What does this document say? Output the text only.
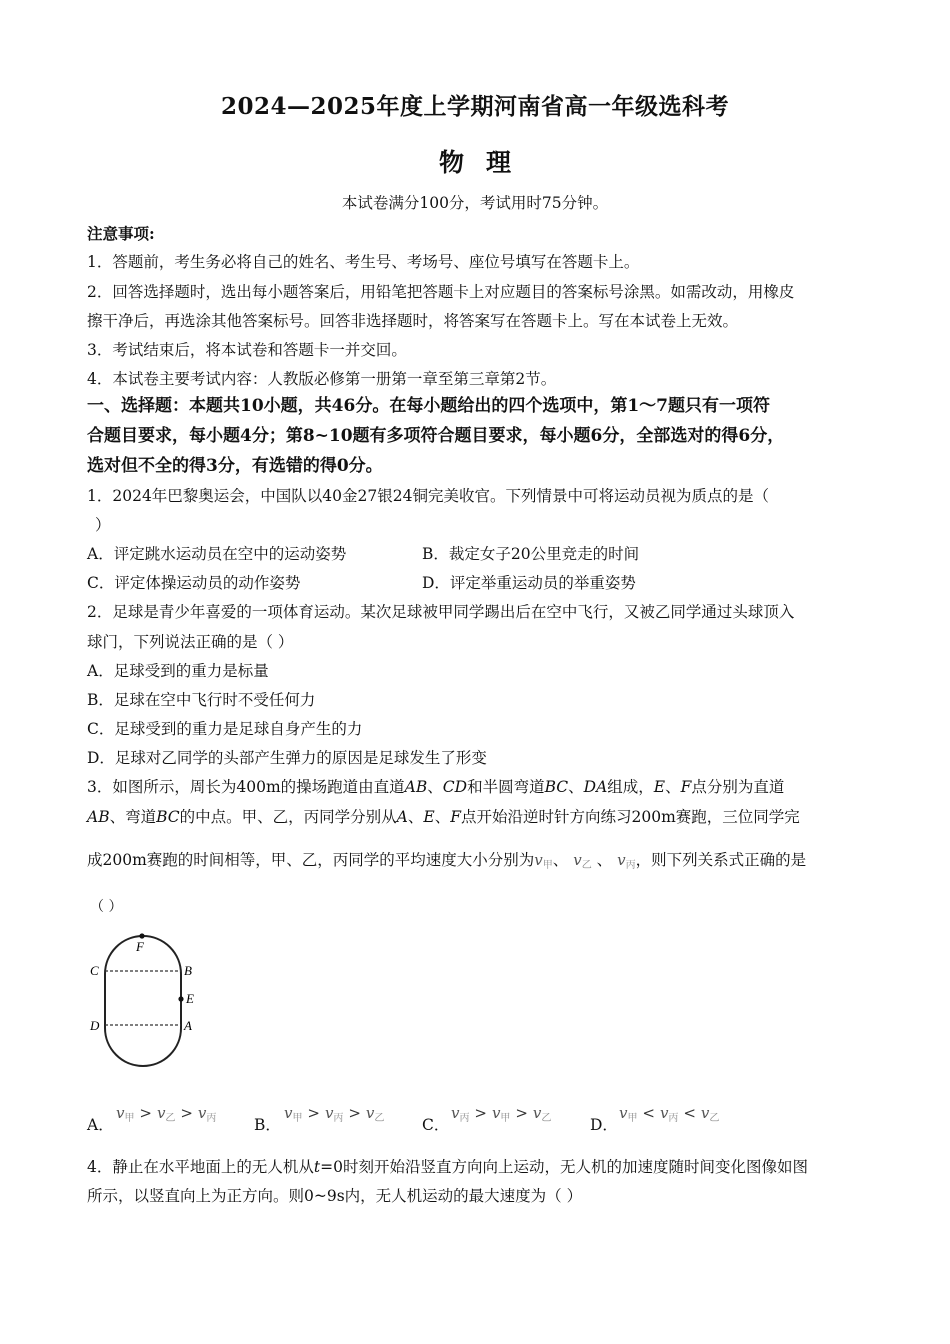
2024—2025年度上学期河南省高一年级选科考
物理
本试卷满分100分，考试用时75分钟。
注意事项:
1．答题前，考生务必将自己的姓名、考生号、考场号、座位号填写在答题卡上。
2．回答选择题时，选出每小题答案后，用铅笔把答题卡上对应题目的答案标号涂黑。如需改动，用橡皮
擦干净后，再选涂其他答案标号。回答非选择题时，将答案写在答题卡上。写在本试卷上无效。
3．考试结束后，将本试卷和答题卡一并交回。
4．本试卷主要考试内容：人教版必修第一册第一章至第三章第2节。
一、选择题：本题共10小题，共46分。在每小题给出的四个选项中，第1～7题只有一项符
合题目要求，每小题4分；第8~10题有多项符合题目要求，每小题6分，全部选对的得6分，
选对但不全的得3分，有选错的得0分。
1．2024年巴黎奥运会，中国队以40金27银24铜完美收官。下列情景中可将运动员视为质点的是（
）
A．评定跳水运动员在空中的运动姿势	B．裁定女子20公里竞走的时间
C．评定体操运动员的动作姿势	D．评定举重运动员的举重姿势
2．足球是青少年喜爱的一项体育运动。某次足球被甲同学踢出后在空中飞行，又被乙同学通过头球顶入
球门，下列说法正确的是（ ）
A．足球受到的重力是标量
B．足球在空中飞行时不受任何力
C．足球受到的重力是足球自身产生的力
D．足球对乙同学的头部产生弹力的原因是足球发生了形变
3．如图所示，周长为400m的操场跑道由直道AB、CD和半圆弯道BC、DA组成，E、F点分别为直道
AB、弯道BC的中点。甲、乙，丙同学分别从A、E、F点开始沿逆时针方向练习200m赛跑，三位同学完
成200m赛跑的时间相等，甲、乙，丙同学的平均速度大小分别为$v_甲$、 $v_乙$ 、 $v_丙$，则下列关系式正确的是
（ ）
F
C	B
E
D	A
A．
$v_甲 > v_乙 > v_丙$ B．
$v_甲 > v_丙 > v_乙$ C．
$v_丙 > v_甲 > v_乙$ D．
$v_甲 < v_丙 < v_乙$
4．静止在水平地面上的无人机从t=0时刻开始沿竖直方向向上运动，无人机的加速度随时间变化图像如图
所示，以竖直向上为正方向。则0~9s内，无人机运动的最大速度为（ ）
